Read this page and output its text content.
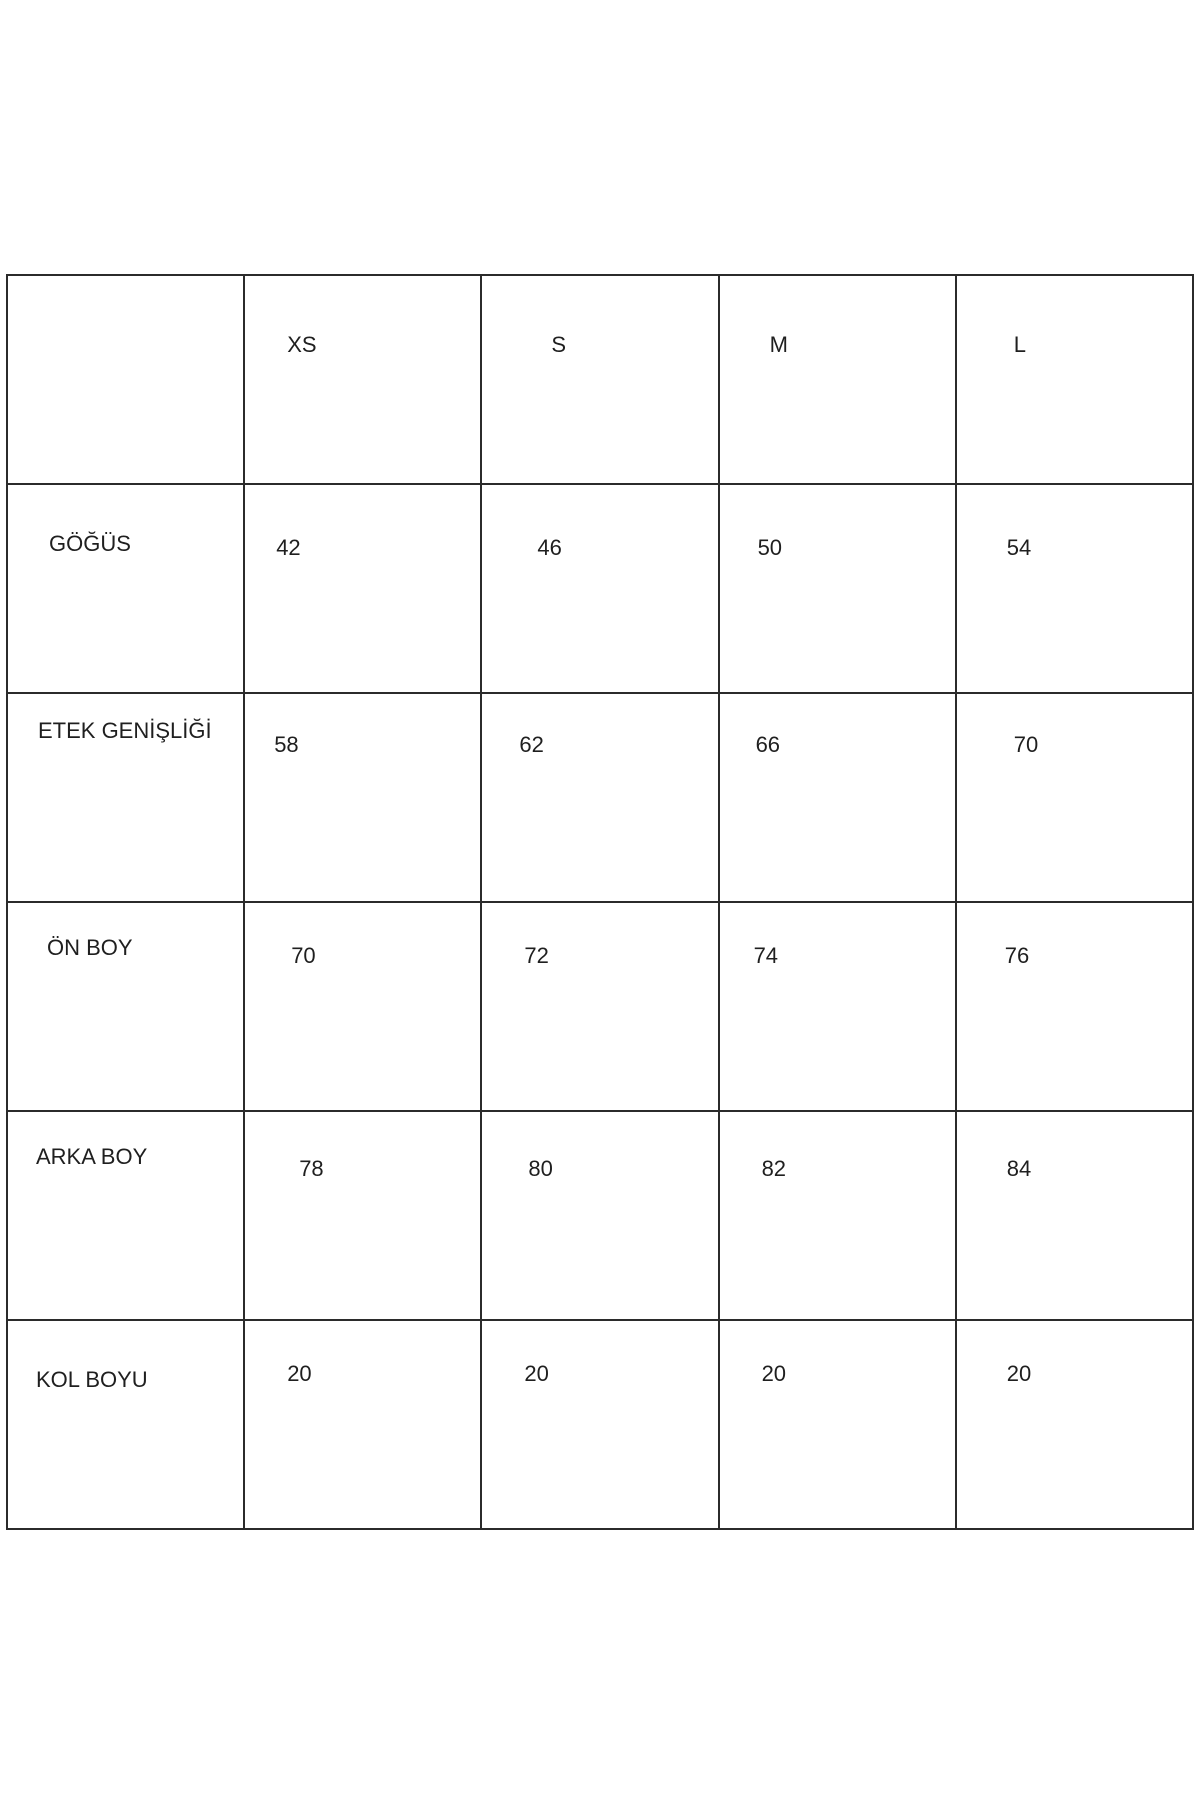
	XS	S	M	L

GÖĞÜS	42	46	50	54

ETEK GENİŞLİĞİ	58	62	66	70

ÖN BOY	70	72	74	76

ARKA BOY	78	80	82	84

KOL BOYU	20	20	20	20
